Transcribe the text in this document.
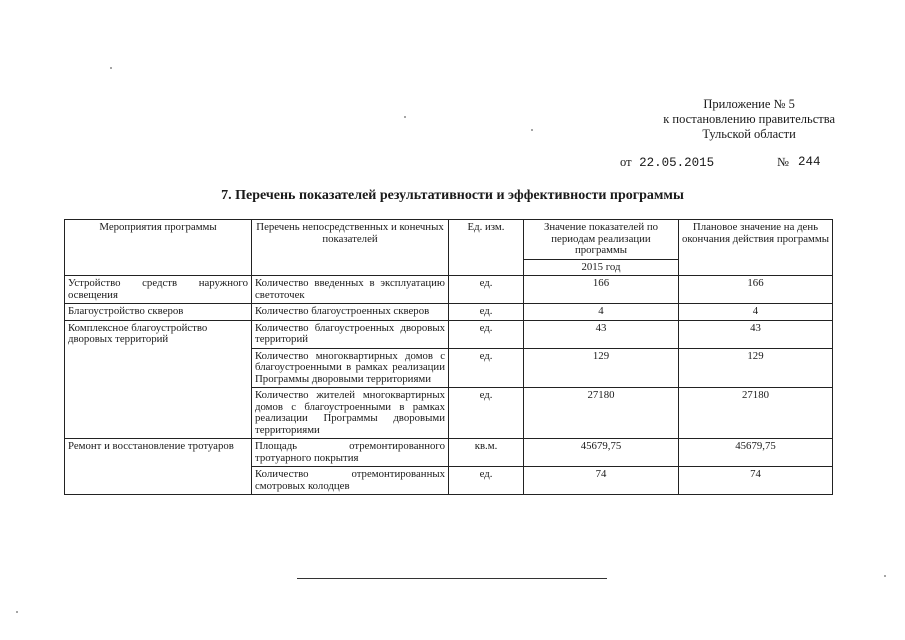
Приложение № 5
к постановлению правительства
Тульской области
от 22.05.2015	№ 244
7. Перечень показателей результативности и эффективности программы
Мероприятия программы	Перечень непосредственных и конечных показателей	Ед. изм.	Значение показателей по периодам реализации программы	Плановое значение на день окончания действия программы
			2015 год	
Устройство средств наружного освещения	Количество введенных в эксплуатацию светоточек	ед.	166	166
Благоустройство скверов	Количество благоустроенных скверов	ед.	4	4
Комплексное благоустройство дворовых территорий	Количество благоустроенных дворовых территорий	ед.	43	43
	Количество многоквартирных домов с благоустроенными в рамках реализации Программы дворовыми территориями	ед.	129	129
	Количество жителей многоквартирных домов с благоустроенными в рамках реализации Программы дворовыми территориями	ед.	27180	27180
Ремонт и восстановление тротуаров	Площадь отремонтированного тротуарного покрытия	кв.м.	45679,75	45679,75
	Количество отремонтированных смотровых колодцев	ед.	74	74
